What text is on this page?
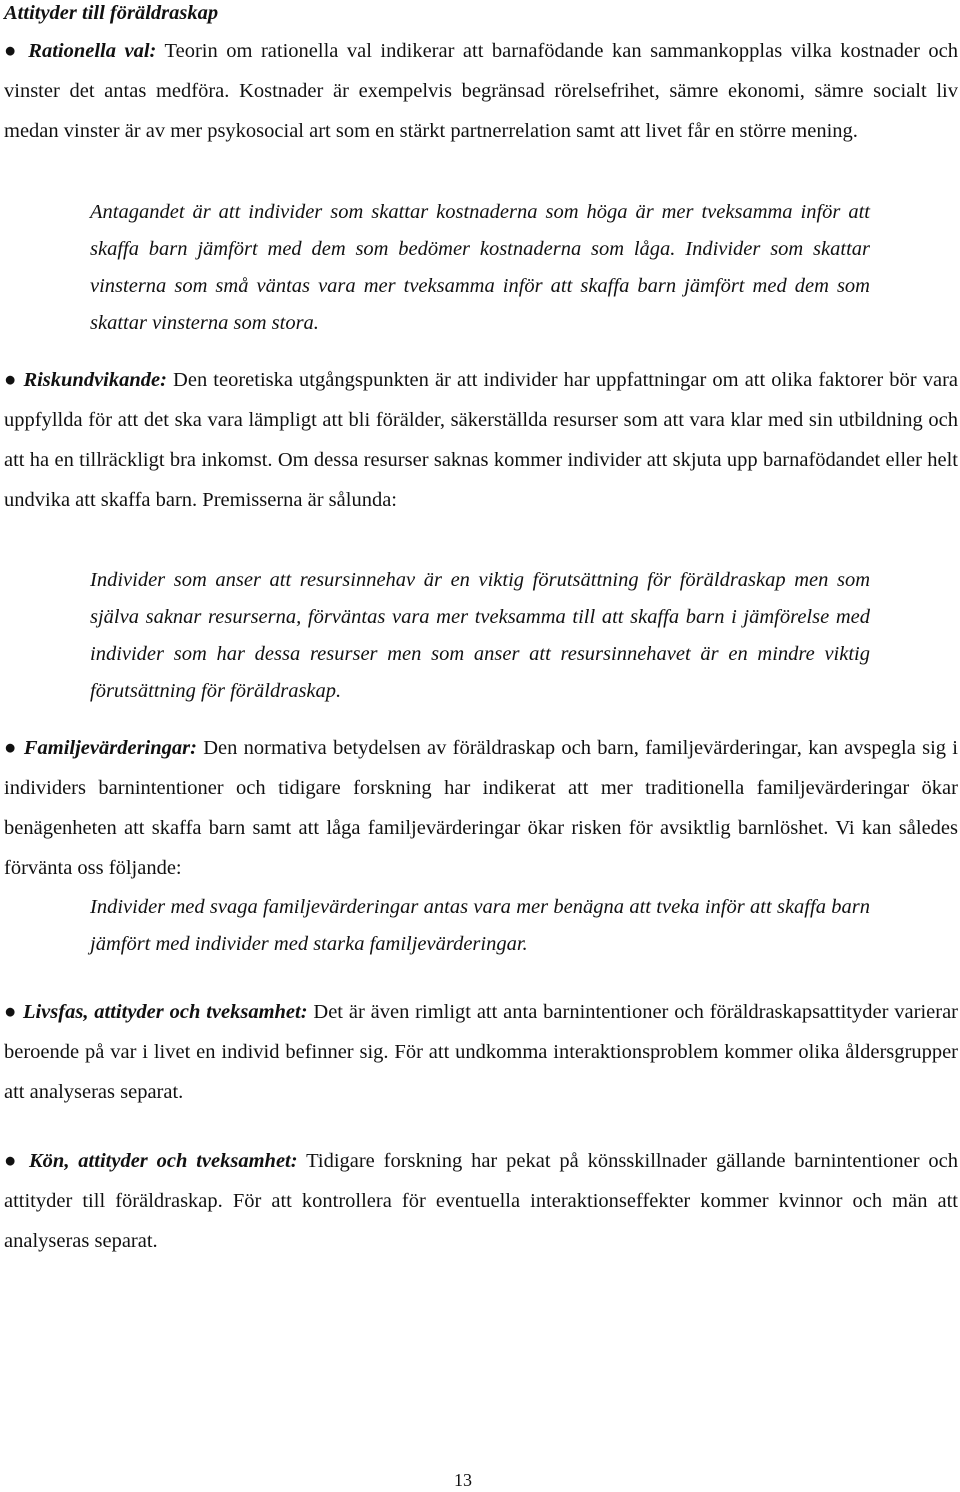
Attityder till föräldraskap

● Rationella val: Teorin om rationella val indikerar att barnafödande kan sammankopplas vilka kostnader och vinster det antas medföra. Kostnader är exempelvis begränsad rörelsefrihet, sämre ekonomi, sämre socialt liv medan vinster är av mer psykosocial art som en stärkt partnerrelation samt att livet får en större mening.

Antagandet är att individer som skattar kostnaderna som höga är mer tveksamma inför att skaffa barn jämfört med dem som bedömer kostnaderna som låga. Individer som skattar vinsterna som små väntas vara mer tveksamma inför att skaffa barn jämfört med dem som skattar vinsterna som stora.

● Riskundvikande: Den teoretiska utgångspunkten är att individer har uppfattningar om att olika faktorer bör vara uppfyllda för att det ska vara lämpligt att bli förälder, säkerställda resurser som att vara klar med sin utbildning och att ha en tillräckligt bra inkomst. Om dessa resurser saknas kommer individer att skjuta upp barnafödandet eller helt undvika att skaffa barn. Premisserna är sålunda:

Individer som anser att resursinnehav är en viktig förutsättning för föräldraskap men som själva saknar resurserna, förväntas vara mer tveksamma till att skaffa barn i jämförelse med individer som har dessa resurser men som anser att resursinnehavet är en mindre viktig förutsättning för föräldraskap.

● Familjevärderingar: Den normativa betydelsen av föräldraskap och barn, familjevärderingar, kan avspegla sig i individers barnintentioner och tidigare forskning har indikerat att mer traditionella familjevärderingar ökar benägenheten att skaffa barn samt att låga familjevärderingar ökar risken för avsiktlig barnlöshet. Vi kan således förvänta oss följande:

Individer med svaga familjevärderingar antas vara mer benägna att tveka inför att skaffa barn jämfört med individer med starka familjevärderingar.

● Livsfas, attityder och tveksamhet: Det är även rimligt att anta barnintentioner och föräldraskapsattityder varierar beroende på var i livet en individ befinner sig. För att undkomma interaktionsproblem kommer olika åldersgrupper att analyseras separat.

● Kön, attityder och tveksamhet: Tidigare forskning har pekat på könsskillnader gällande barnintentioner och attityder till föräldraskap. För att kontrollera för eventuella interaktionseffekter kommer kvinnor och män att analyseras separat.

13
